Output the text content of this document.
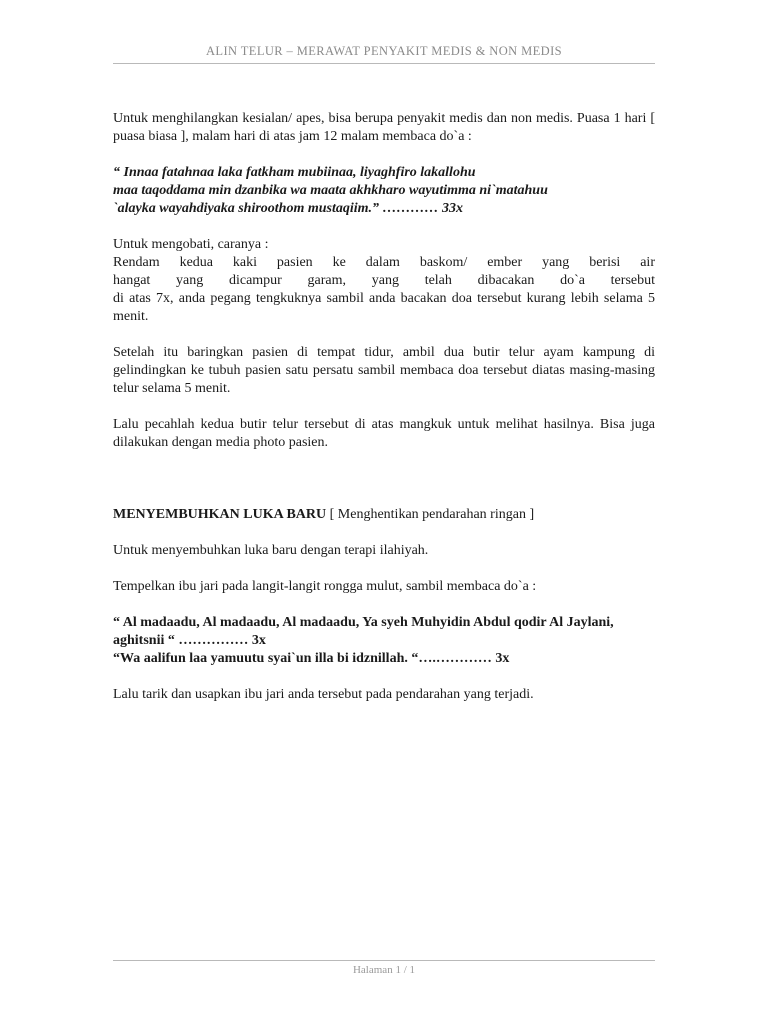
ALIN TELUR – MERAWAT PENYAKIT MEDIS & NON MEDIS

Untuk menghilangkan kesialan/ apes, bisa berupa penyakit medis dan non medis. Puasa 1 hari [ puasa biasa ], malam hari di atas jam 12 malam membaca do`a :

“ Innaa fatahnaa laka fatkham mubiinaa, liyaghfiro lakallohu
maa taqoddama min dzanbika wa maata akhkharo wayutimma ni`matahuu
`alayka wayahdiyaka shiroothom mustaqiim.” ………… 33x

Untuk mengobati, caranya :
Rendam kedua kaki pasien ke dalam baskom/ ember yang berisi air
hangat yang dicampur garam, yang telah dibacakan do`a tersebut
di atas 7x, anda pegang tengkuknya sambil anda bacakan doa tersebut kurang lebih selama 5 menit.

Setelah itu baringkan pasien di tempat tidur, ambil dua butir telur ayam kampung di gelindingkan ke tubuh pasien satu persatu sambil membaca doa tersebut diatas masing-masing telur selama 5 menit.

Lalu pecahlah kedua butir telur tersebut di atas mangkuk untuk melihat hasilnya. Bisa juga dilakukan dengan media photo pasien.

MENYEMBUHKAN LUKA BARU [ Menghentikan pendarahan ringan ]

Untuk menyembuhkan luka baru dengan terapi ilahiyah.

Tempelkan ibu jari pada langit-langit rongga mulut, sambil membaca do`a :

“ Al madaadu, Al madaadu, Al madaadu, Ya syeh Muhyidin Abdul qodir Al Jaylani, aghitsnii “ …………… 3x
“Wa aalifun laa yamuutu syai`un illa bi idznillah. “….………… 3x

Lalu tarik dan usapkan ibu jari anda tersebut pada pendarahan yang terjadi.

Halaman 1 / 1
